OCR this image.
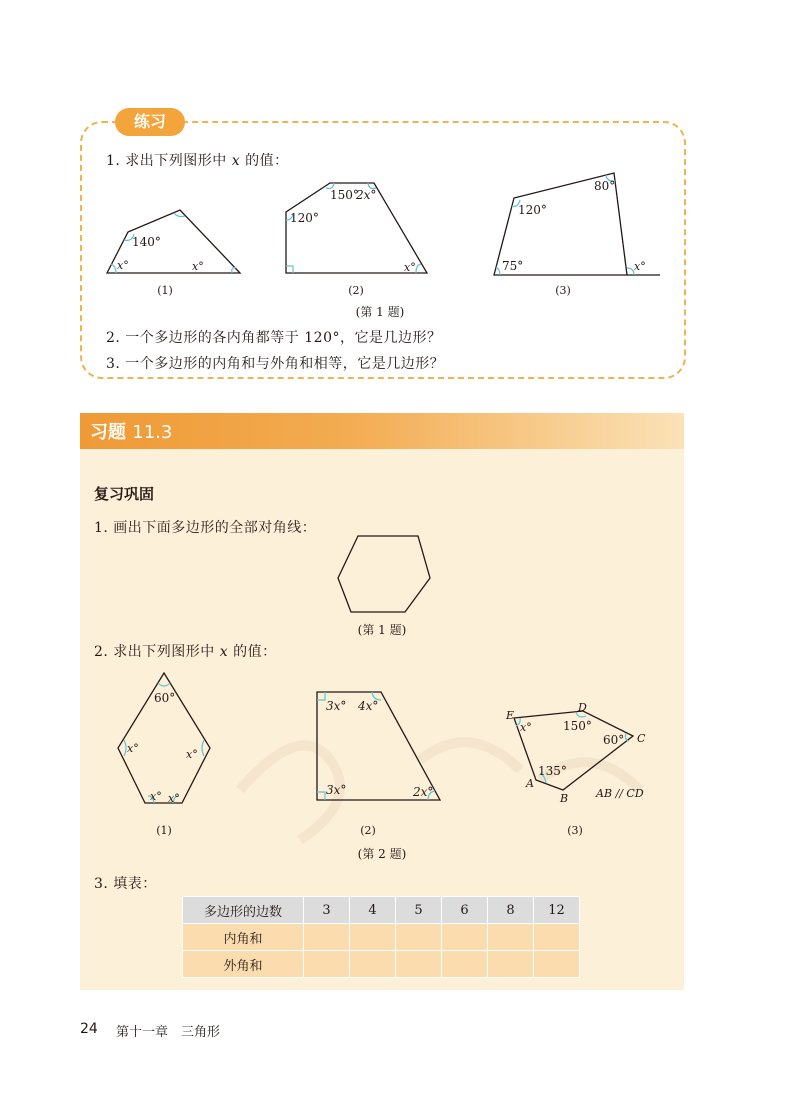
练习
1. 求出下列图形中 x 的值：
140°
x°	x°
(1)
150°
2x°
120°
x°
(2)
80°
120°
75°	x°
(3)
(第 1 题)
2. 一个多边形的各内角都等于 120°，它是几边形？
3. 一个多边形的内角和与外角和相等，它是几边形？
习题 11.3
复习巩固
1. 画出下面多边形的全部对角线：
2. 求出下列图形中 x 的值：
(第 1 题)
60°
x°	x°
x° x°
(1)
3x° 4x°
3x°	2x°
(2)
E
D
C
A
B
x°	150°
60°
135°
AB // CD
(3)
(第 2 题)
3. 填表：
多边形的边数	3	4	5	6	8	12
内角和						
外角和						
24 第十一章　三角形
